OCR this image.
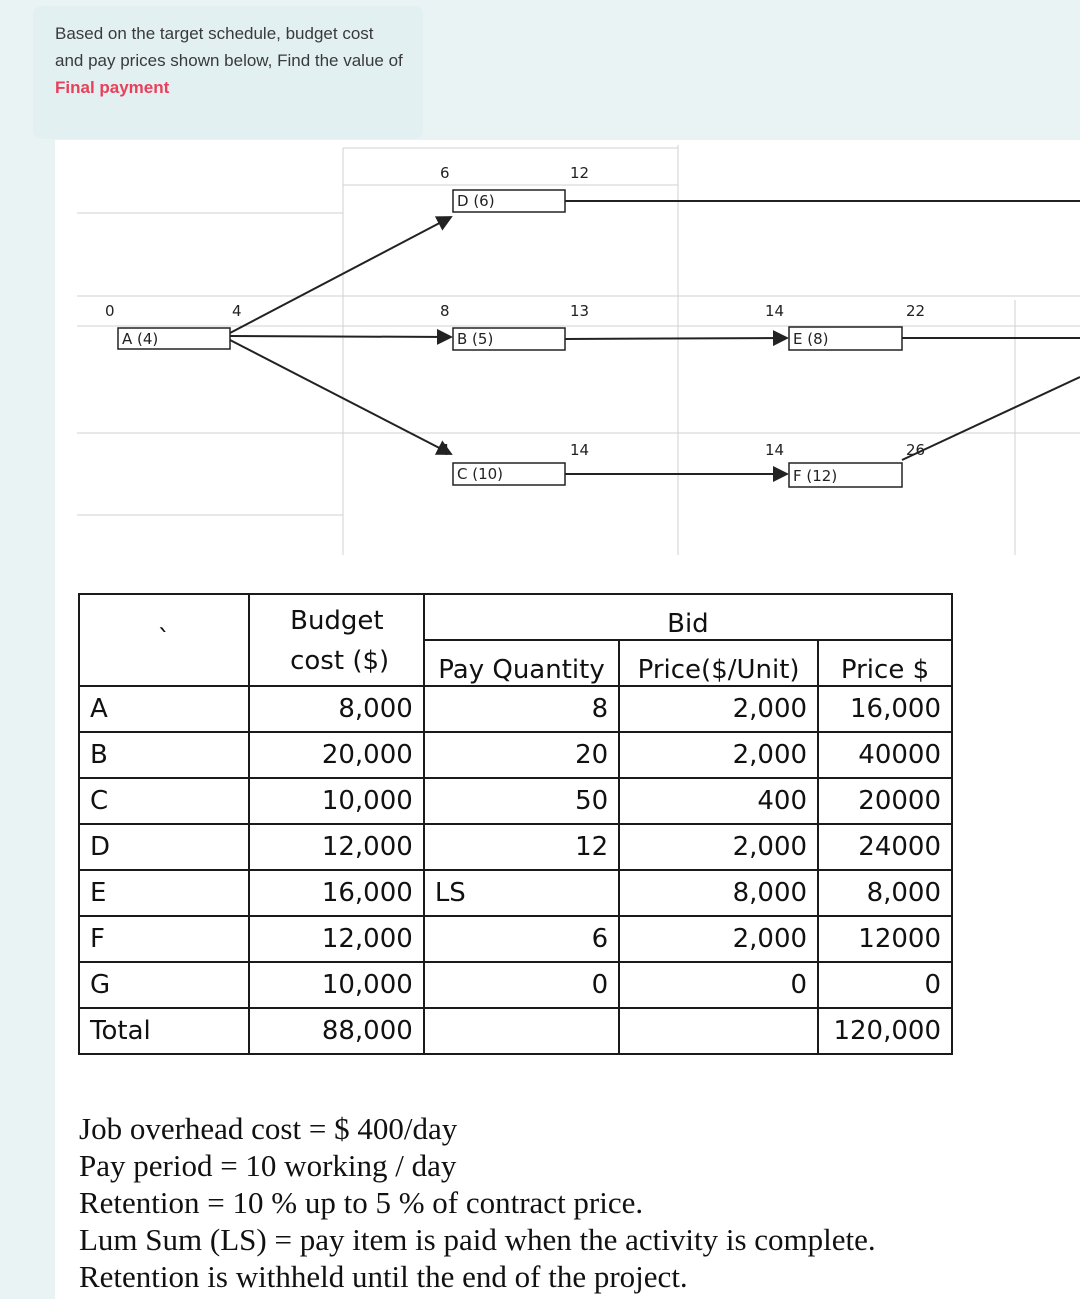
Based on the target schedule, budget cost and pay prices shown below, Find the value of Final payment
A (4)
0	4
D (6)
6	12
B (5)
8	13
C (10)
4	14
E (8)
14	22
F (12)
14	26
`	Budget cost ($)	Bid		
		Pay Quantity	Price($/Unit)	Price $
A	8,000	8	2,000	16,000
B	20,000	20	2,000	40000
C	10,000	50	400	20000
D	12,000	12	2,000	24000
E	16,000	LS	8,000	8,000
F	12,000	6	2,000	12000
G	10,000	0	0	0
Total	88,000			120,000
Job overhead cost = $ 400/day
Pay period = 10 working / day
Retention = 10 % up to 5 % of contract price.
Lum Sum (LS) = pay item is paid when the activity is complete.
Retention is withheld until the end of the project.
